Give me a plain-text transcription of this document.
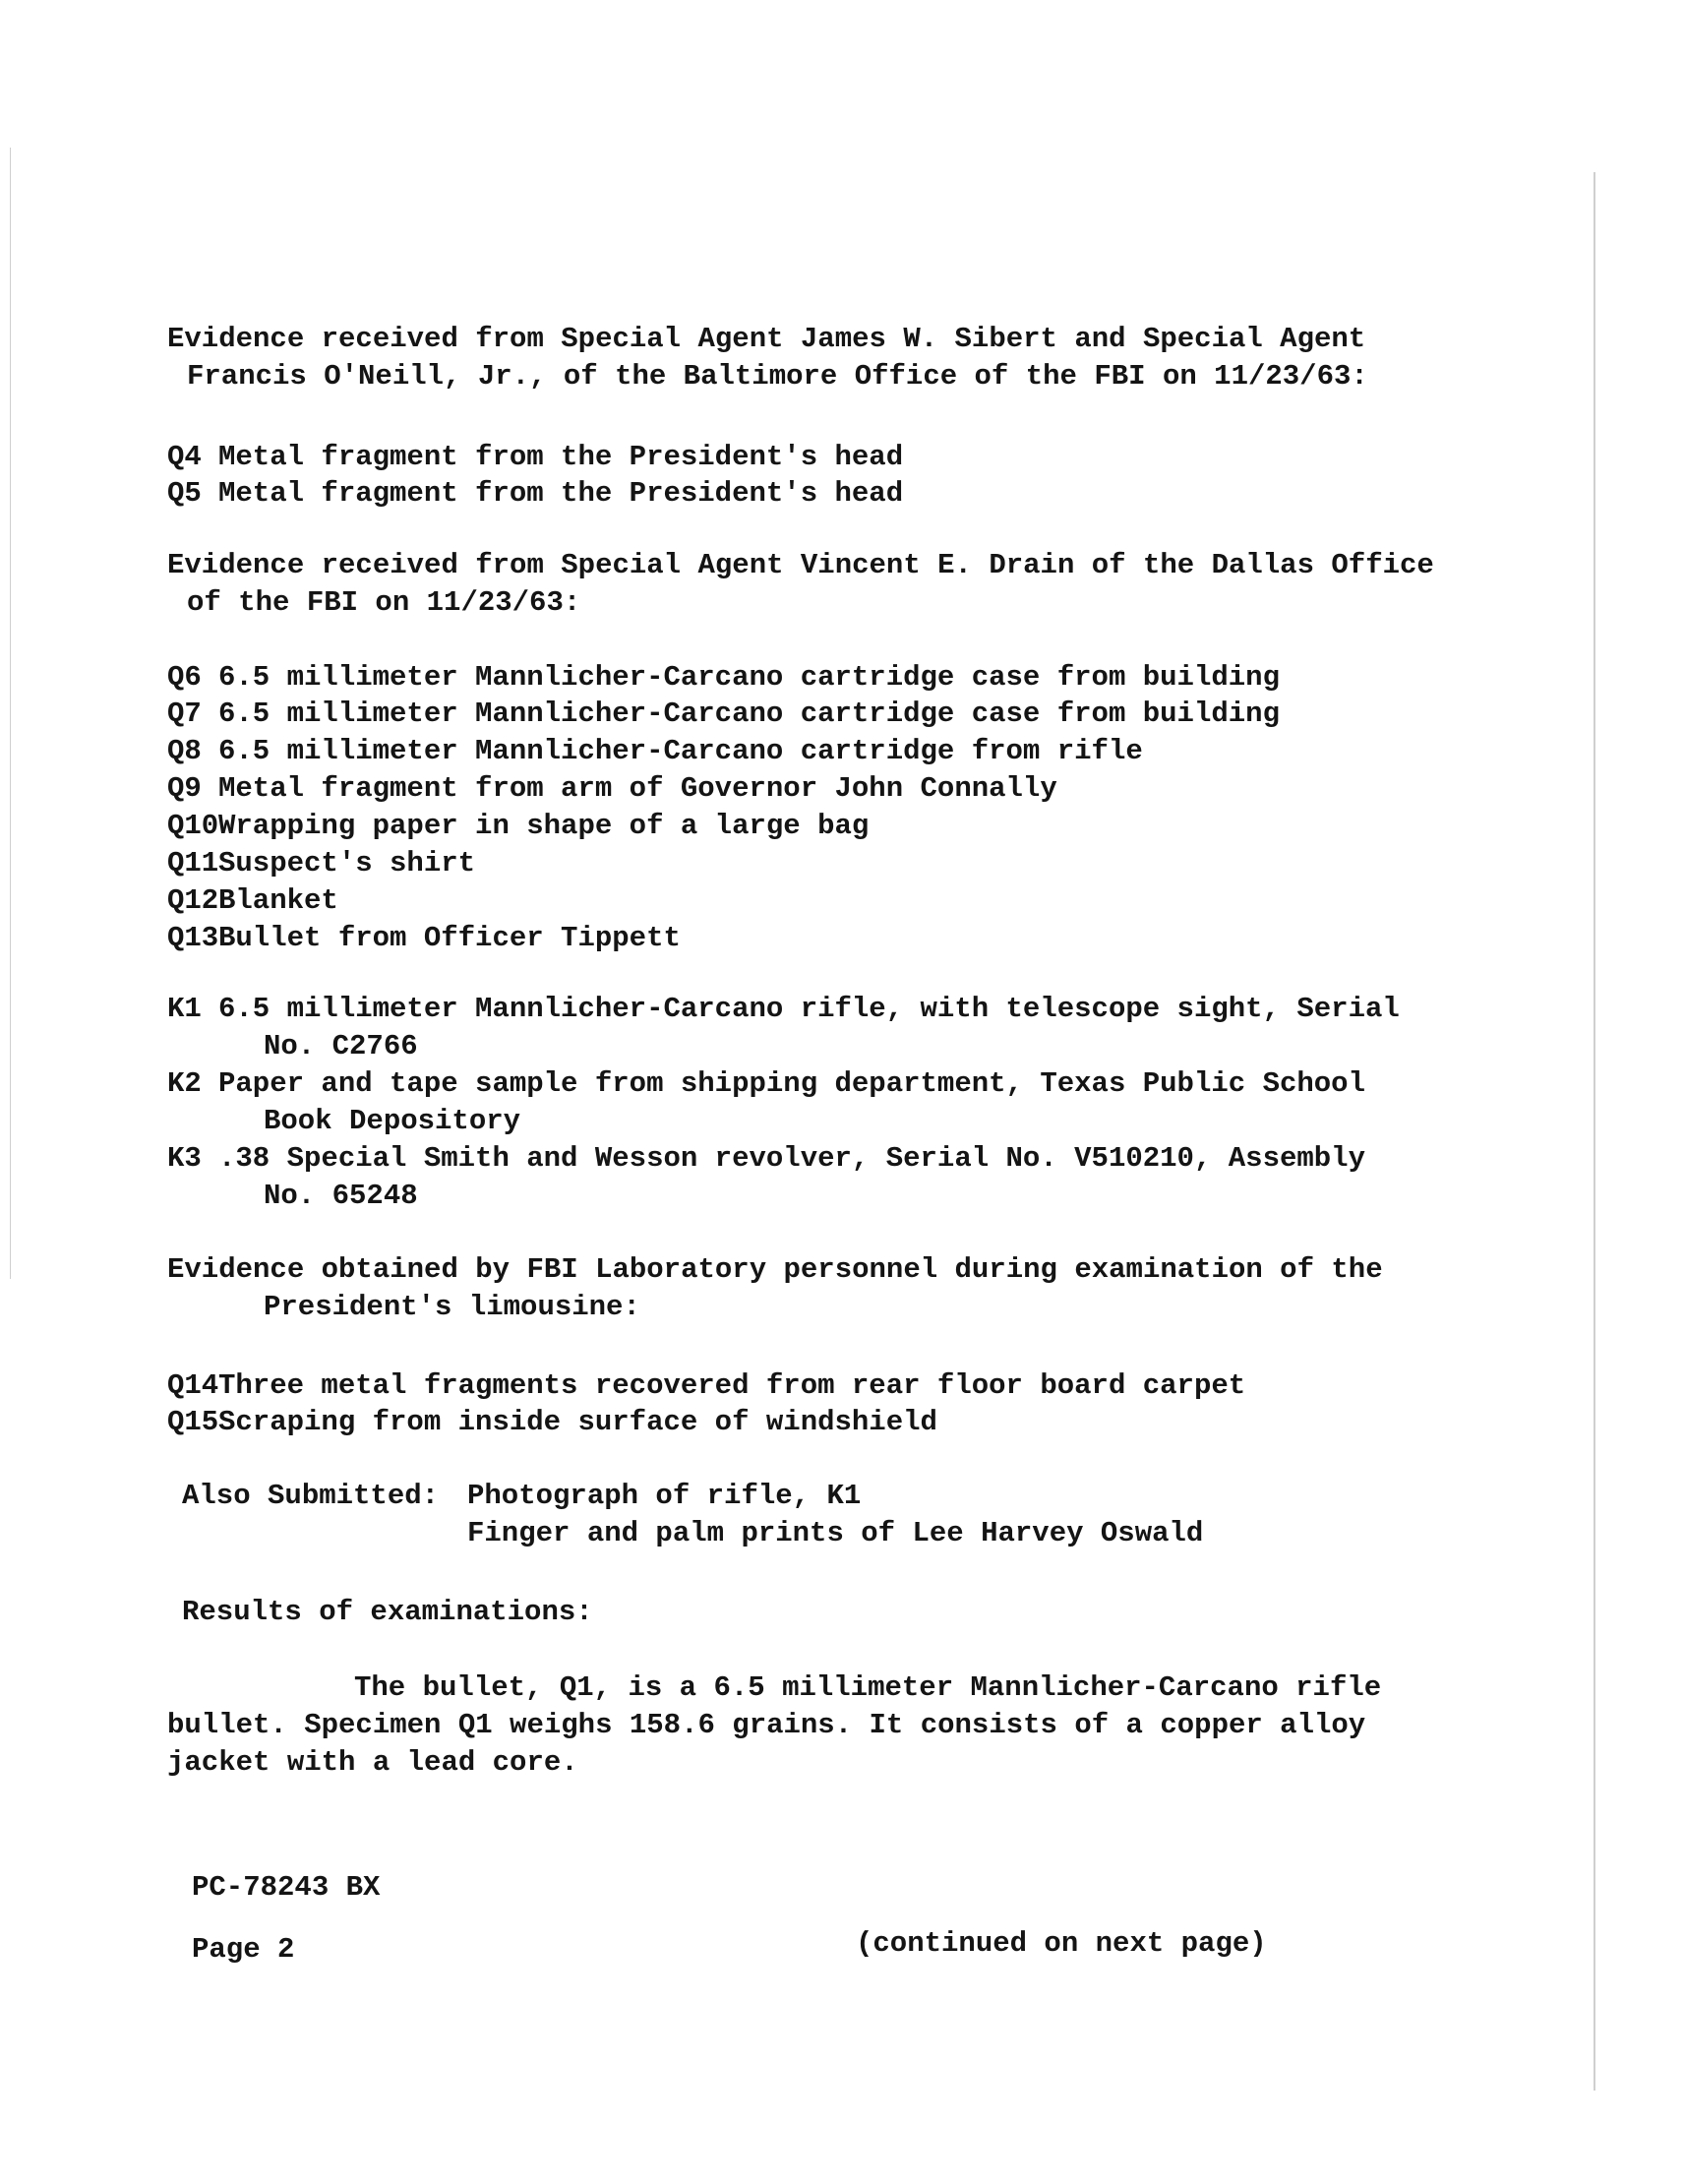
Evidence received from Special Agent James W. Sibert and Special Agent
Francis O'Neill, Jr., of the Baltimore Office of the FBI on 11/23/63:
Q4 Metal fragment from the President's head
Q5 Metal fragment from the President's head
Evidence received from Special Agent Vincent E. Drain of the Dallas Office
of the FBI on 11/23/63:
Q6 6.5 millimeter Mannlicher-Carcano cartridge case from building
Q7 6.5 millimeter Mannlicher-Carcano cartridge case from building
Q8 6.5 millimeter Mannlicher-Carcano cartridge from rifle
Q9 Metal fragment from arm of Governor John Connally
Q10 Wrapping paper in shape of a large bag
Q11 Suspect's shirt
Q12 Blanket
Q13 Bullet from Officer Tippett
K1 6.5 millimeter Mannlicher-Carcano rifle, with telescope sight, Serial
No. C2766
K2 Paper and tape sample from shipping department, Texas Public School
Book Depository
K3 .38 Special Smith and Wesson revolver, Serial No. V510210, Assembly
No. 65248
Evidence obtained by FBI Laboratory personnel during examination of the
President's limousine:
Q14 Three metal fragments recovered from rear floor board carpet
Q15 Scraping from inside surface of windshield
Also Submitted: Photograph of rifle, K1
Finger and palm prints of Lee Harvey Oswald
Results of examinations:
The bullet, Q1, is a 6.5 millimeter Mannlicher-Carcano rifle
bullet. Specimen Q1 weighs 158.6 grains. It consists of a copper alloy
jacket with a lead core.
PC-78243 BX
Page 2	(continued on next page)
